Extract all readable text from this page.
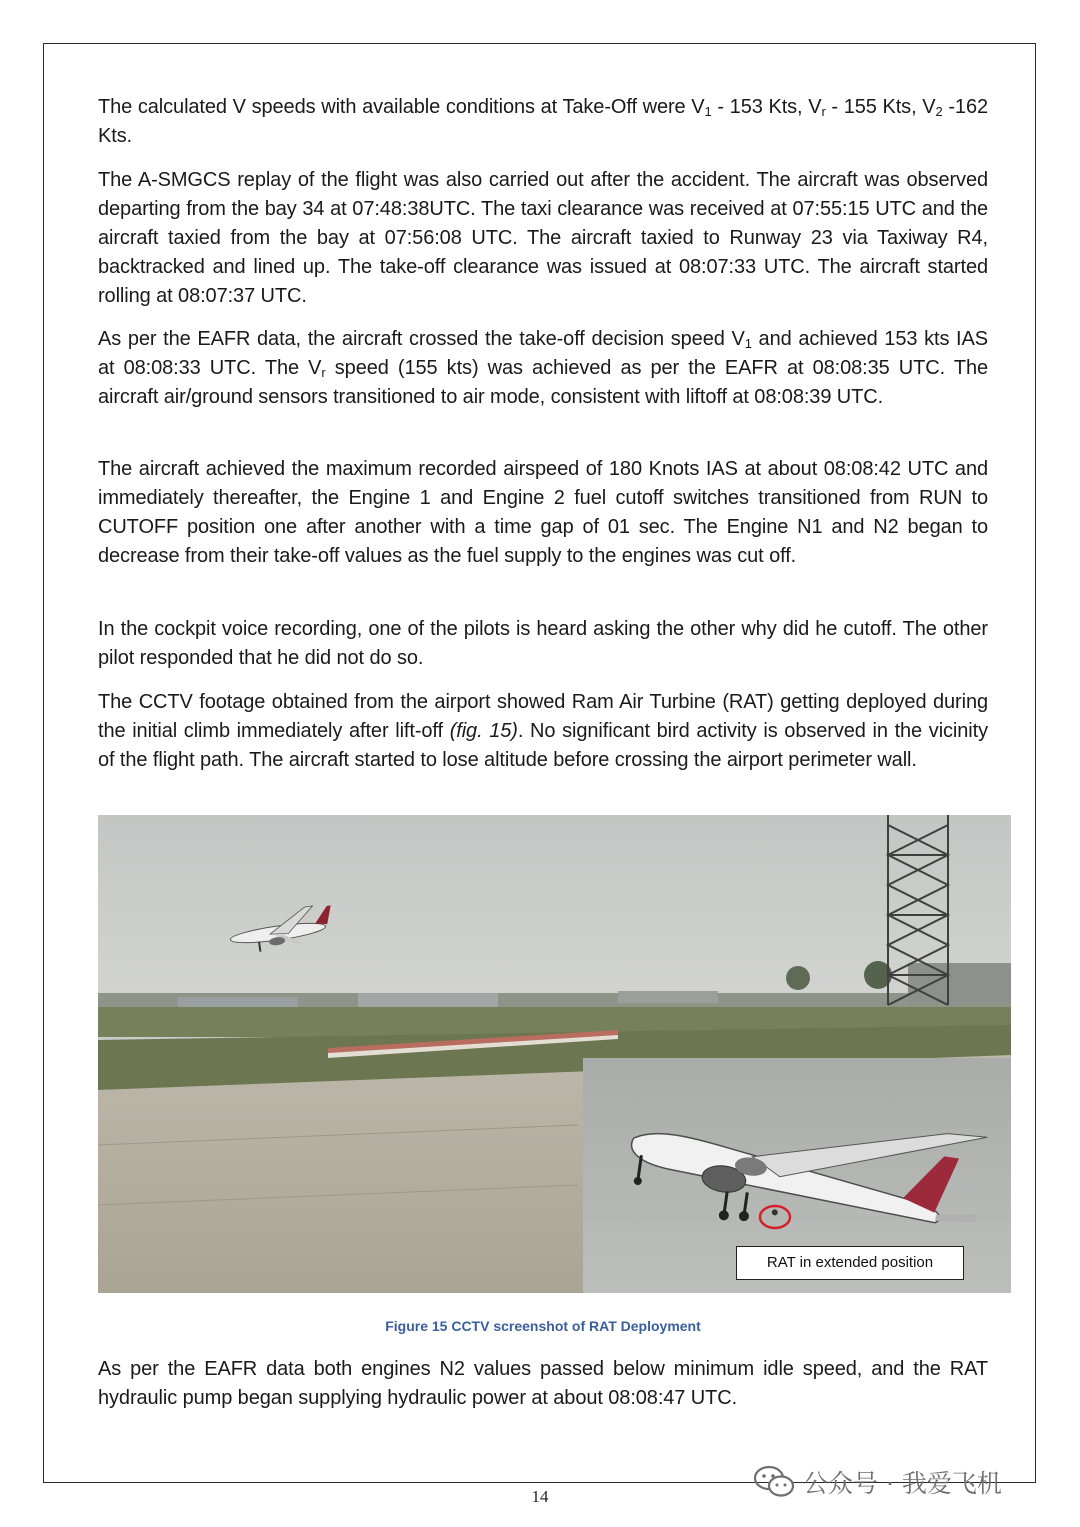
The calculated V speeds with available conditions at Take-Off were $V_1 - 153$ Kts, $V_r - 155$ Kts, $V_2$ -162 Kts.

The A-SMGCS replay of the flight was also carried out after the accident. The aircraft was observed departing from the bay 34 at 07:48:38UTC. The taxi clearance was received at 07:55:15 UTC and the aircraft taxied from the bay at 07:56:08 UTC. The aircraft taxied to Runway 23 via Taxiway R4, backtracked and lined up. The take-off clearance was issued at 08:07:33 UTC. The aircraft started rolling at 08:07:37 UTC.

As per the EAFR data, the aircraft crossed the take-off decision speed $V_1$ and achieved 153 kts IAS at 08:08:33 UTC. The $V_r$ speed (155 kts) was achieved as per the EAFR at 08:08:35 UTC. The aircraft air/ground sensors transitioned to air mode, consistent with liftoff at 08:08:39 UTC.

The aircraft achieved the maximum recorded airspeed of 180 Knots IAS at about 08:08:42 UTC and immediately thereafter, the Engine 1 and Engine 2 fuel cutoff switches transitioned from RUN to CUTOFF position one after another with a time gap of 01 sec. The Engine N1 and N2 began to decrease from their take-off values as the fuel supply to the engines was cut off.

In the cockpit voice recording, one of the pilots is heard asking the other why did he cutoff. The other pilot responded that he did not do so.

The CCTV footage obtained from the airport showed Ram Air Turbine (RAT) getting deployed during the initial climb immediately after lift-off (fig. 15). No significant bird activity is observed in the vicinity of the flight path. The aircraft started to lose altitude before crossing the airport perimeter wall.

RAT in extended position

Figure 15 CCTV screenshot of RAT Deployment

As per the EAFR data both engines N2 values passed below minimum idle speed, and the RAT hydraulic pump began supplying hydraulic power at about 08:08:47 UTC.

14	公众号 · 我爱飞机
